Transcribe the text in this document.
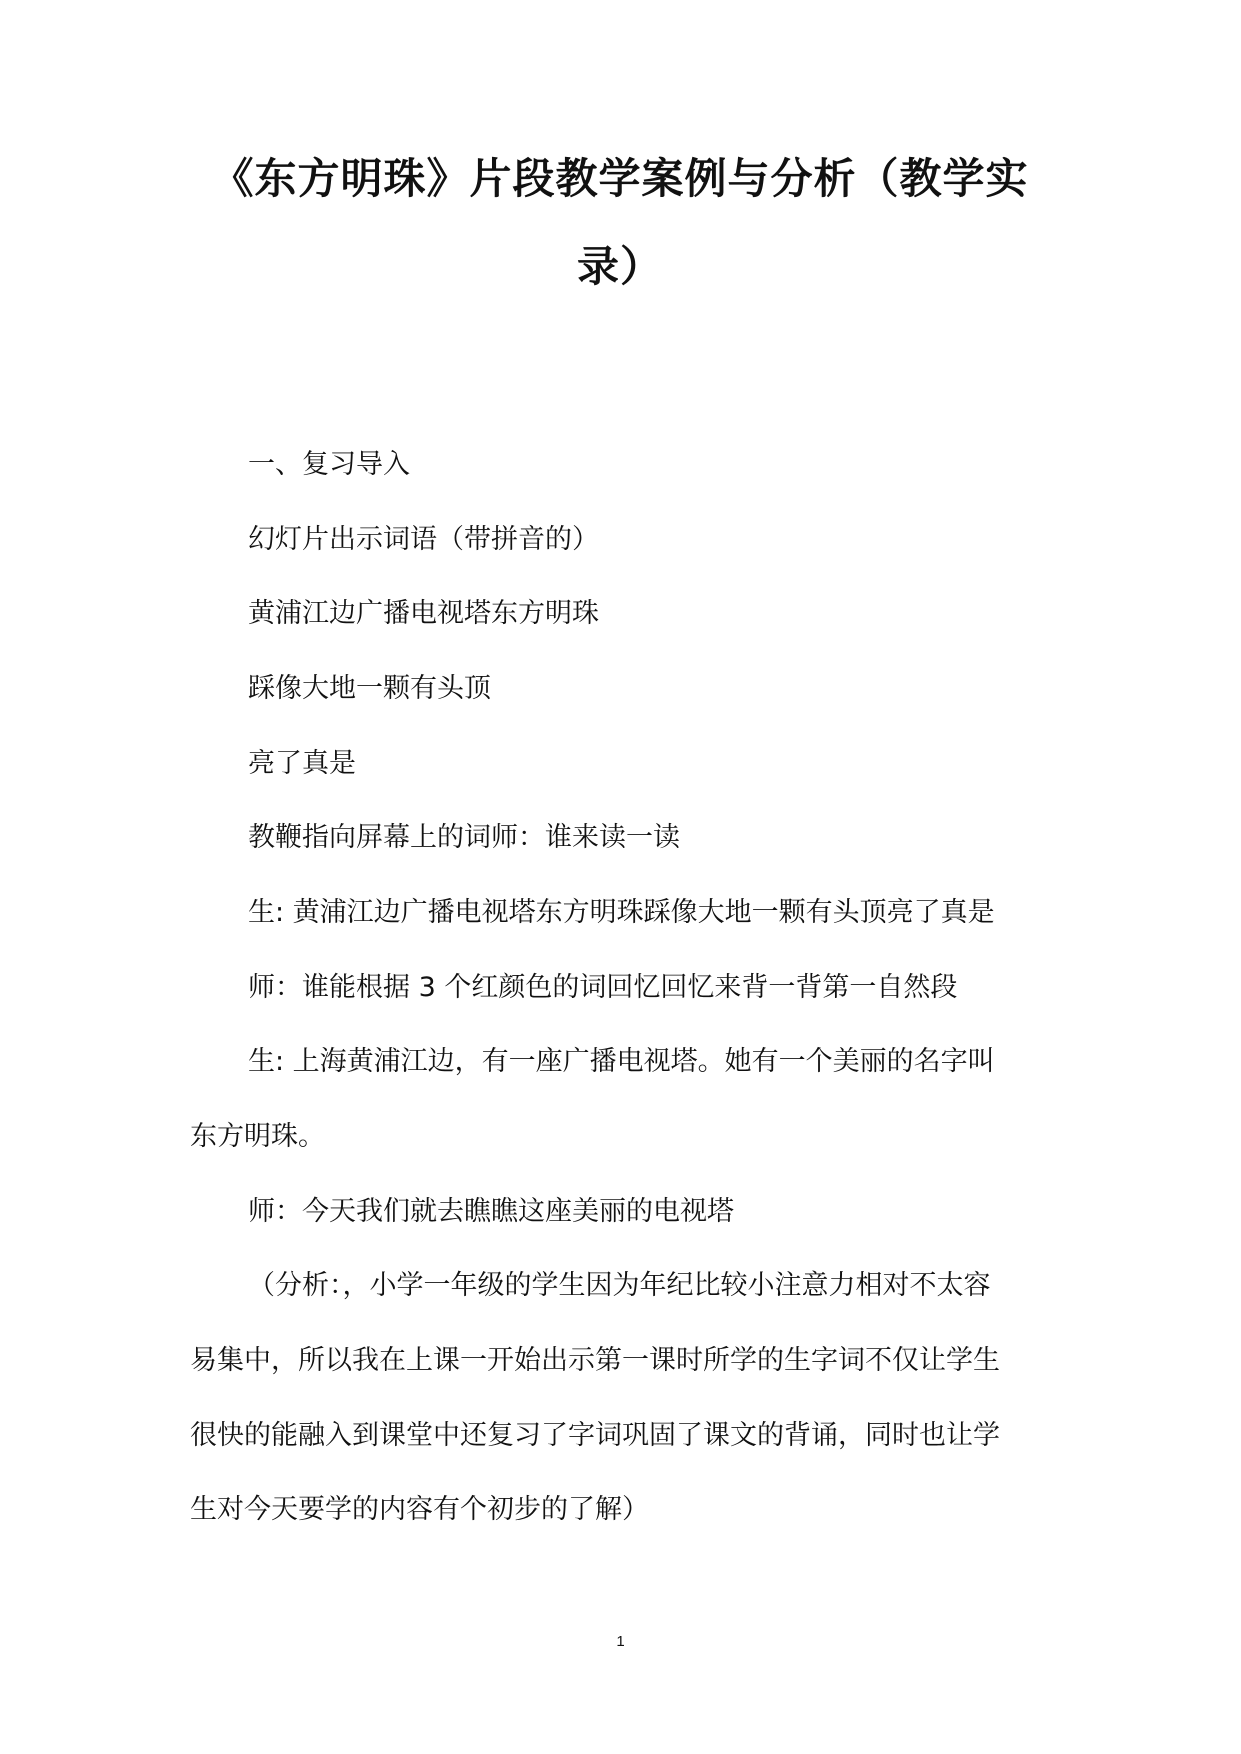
《东方明珠》片段教学案例与分析（教学实
录）
一、复习导入
幻灯片出示词语（带拼音的）
黄浦江边广播电视塔东方明珠
踩像大地一颗有头顶
亮了真是
教鞭指向屏幕上的词师：谁来读一读
生: 黄浦江边广播电视塔东方明珠踩像大地一颗有头顶亮了真是
师：谁能根据 3 个红颜色的词回忆回忆来背一背第一自然段
生: 上海黄浦江边，有一座广播电视塔。她有一个美丽的名字叫
东方明珠。
师：今天我们就去瞧瞧这座美丽的电视塔
（分析：，小学一年级的学生因为年纪比较小注意力相对不太容
易集中，所以我在上课一开始出示第一课时所学的生字词不仅让学生
很快的能融入到课堂中还复习了字词巩固了课文的背诵，同时也让学
生对今天要学的内容有个初步的了解）
1
